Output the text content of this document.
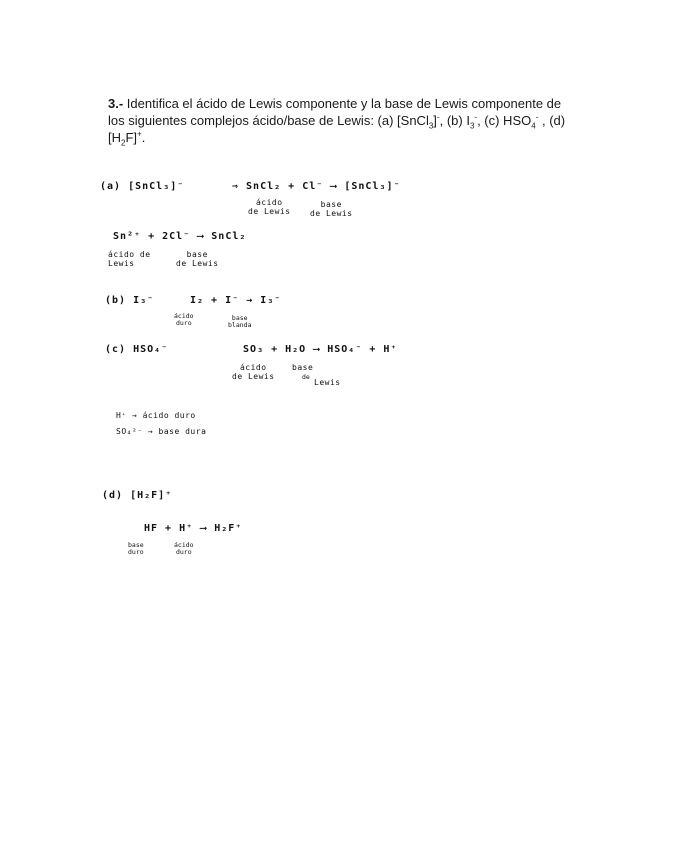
3.- Identifica el ácido de Lewis componente y la base de Lewis componente de los siguientes complejos ácido/base de Lewis: (a) [SnCl$_3$]-, (b) $I_3^-$, (c) $HSO_4^-$ , (d) $[H_2F]^+$.
(a) [SnCl₃]⁻	⇒ SnCl₂ + Cl⁻ ⟶ [SnCl₃]⁻
ácido
de Lewis
base
de Lewis
Sn²⁺ + 2Cl⁻ ⟶ SnCl₂
ácido de
Lewis
base
de Lewis
(b) I₃⁻	I₂ + I⁻ → I₃⁻
ácido
duro
base
blanda
(c) HSO₄⁻	SO₃ + H₂O ⟶ HSO₄⁻ + H⁺
ácido
de Lewis
base
de
Lewis
H⁺ → ácido duro
SO₄²⁻ → base dura
(d) [H₂F]⁺
HF + H⁺ ⟶ H₂F⁺
base
duro
ácido
duro
